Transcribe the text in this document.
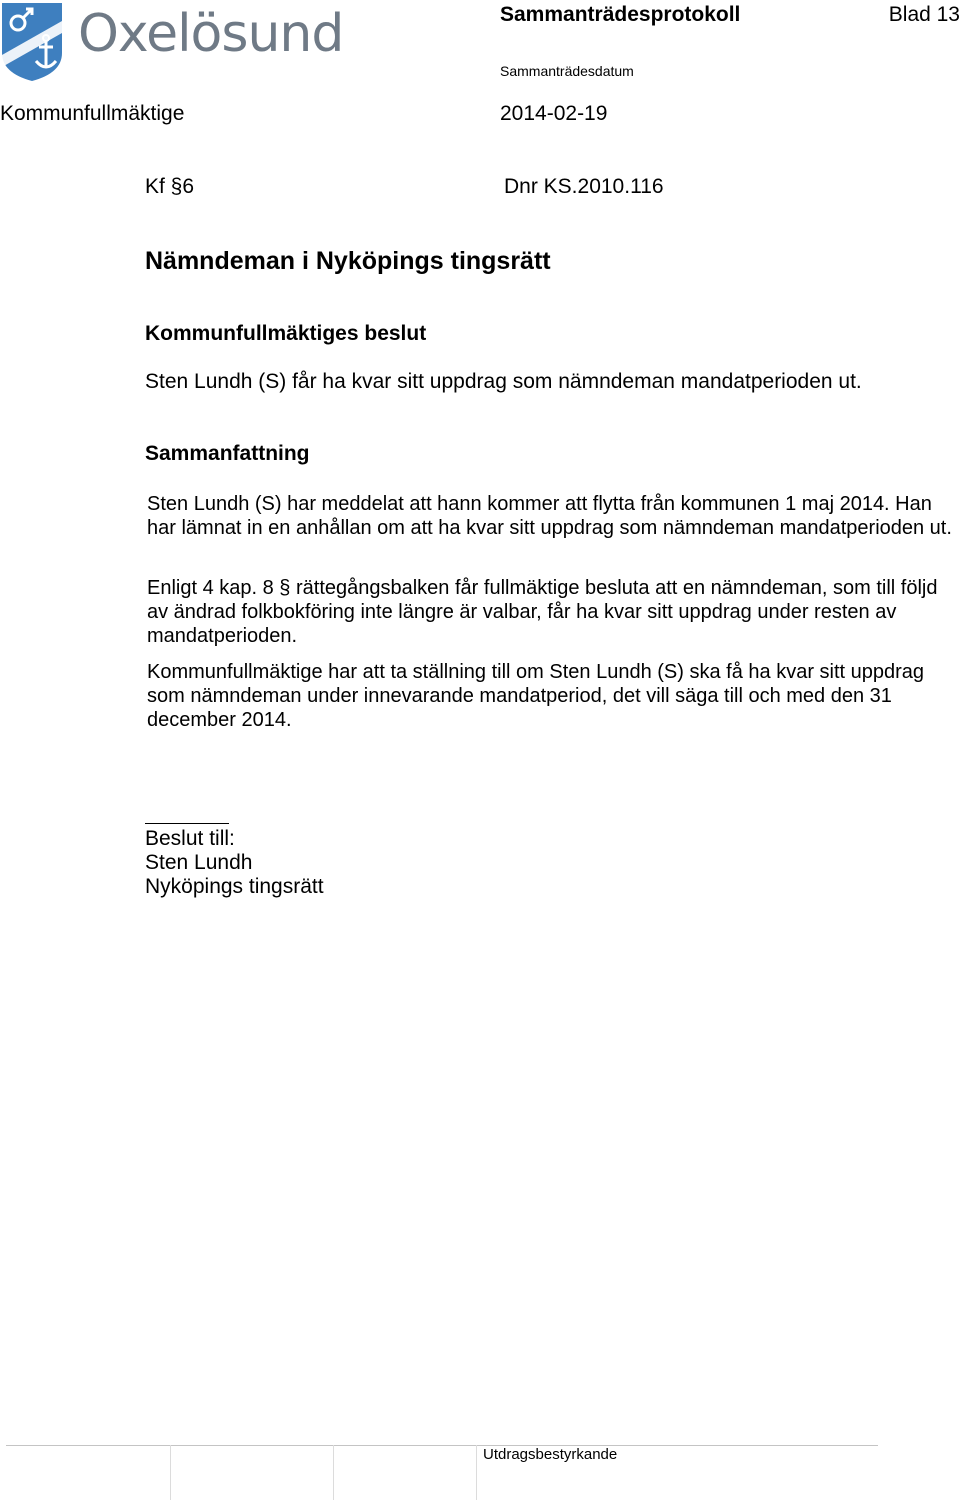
Oxelösund	Sammanträdesprotokoll	Blad 13
Sammanträdesdatum
Kommunfullmäktige	2014-02-19
Kf §6	Dnr KS.2010.116
Nämndeman i Nyköpings tingsrätt
Kommunfullmäktiges beslut
Sten Lundh (S) får ha kvar sitt uppdrag som nämndeman mandatperioden ut.
Sammanfattning

Sten Lundh (S) har meddelat att hann kommer att flytta från kommunen 1 maj 2014. Han har lämnat in en anhållan om att ha kvar sitt uppdrag som nämndeman mandatperioden ut.

Enligt 4 kap. 8 § rättegångsbalken får fullmäktige besluta att en nämndeman, som till följd av ändrad folkbokföring inte längre är valbar, får ha kvar sitt uppdrag under resten av mandatperioden.

Kommunfullmäktige har att ta ställning till om Sten Lundh (S) ska få ha kvar sitt uppdrag som nämndeman under innevarande mandatperiod, det vill säga till och med den 31 december 2014.

Beslut till:
Sten Lundh
Nyköpings tingsrätt
Utdragsbestyrkande
